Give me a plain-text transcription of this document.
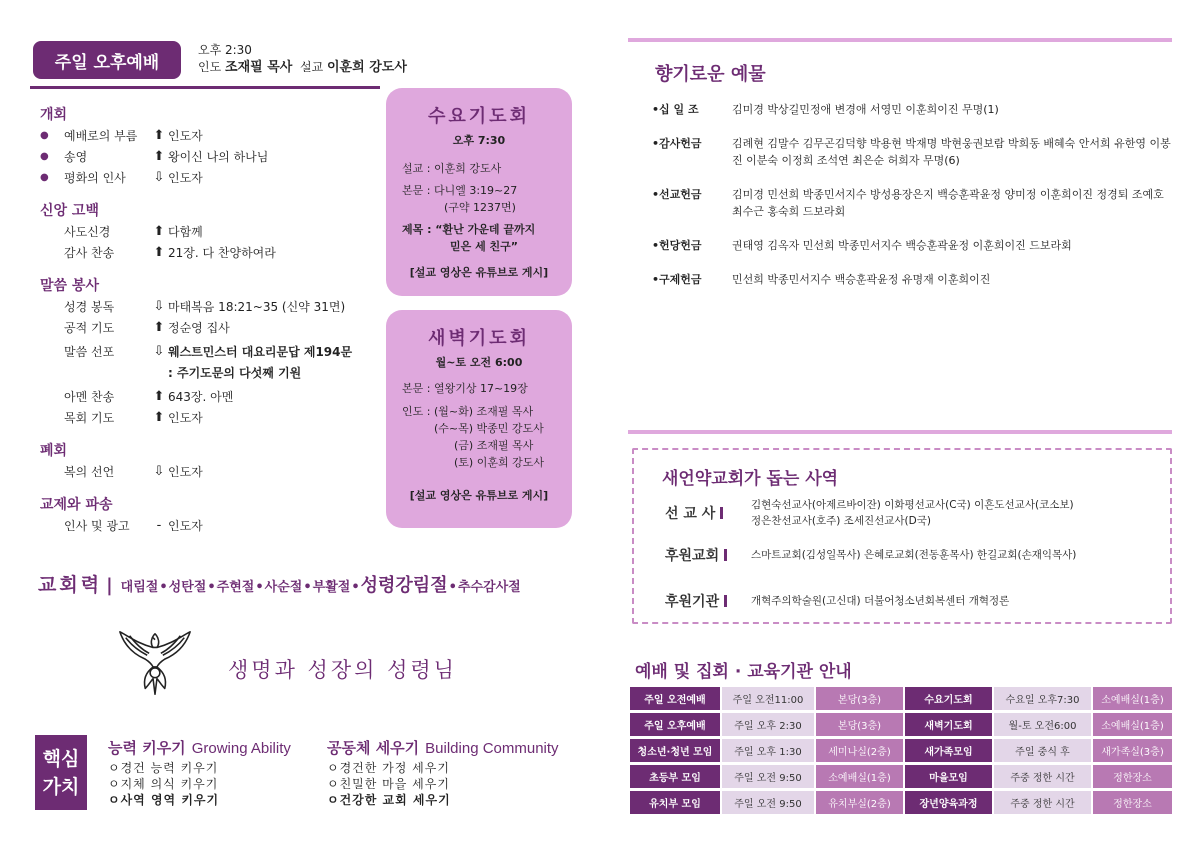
주일 오후예배
오후 2:30
인도 조재필 목사 설교 이훈희 강도사
개회
●	예배로의 부름	⬆ 인도자
●	송영	⬆ 왕이신 나의 하나님
●	평화의 인사	⇩ 인도자
신앙 고백
사도신경	⬆ 다함께
감사 찬송	⬆ 21장. 다 찬양하여라
말씀 봉사
성경 봉독	⇩ 마태복음 18:21~35 (신약 31면)
공적 기도	⬆ 정순영 집사
말씀 선포	⇩ 웨스트민스터 대요리문답 제194문
: 주기도문의 다섯째 기원
아멘 찬송	⬆ 643장. 아멘
목회 기도	⬆ 인도자
폐회
복의 선언	⇩ 인도자
교제와 파송
인사 및 광고	- 인도자
수요기도회
오후 7:30
설교 : 이훈희 강도사
본문 : 다니엘 3:19~27
(구약 1237면)
제목 : “환난 가운데 끝까지
믿은 세 친구”
[설교 영상은 유튜브로 게시]
새벽기도회
월~토 오전 6:00
본문 : 열왕기상 17~19장
인도 : (월~화) 조재필 목사
(수~목) 박종민 강도사
(금) 조재필 목사
(토) 이훈희 강도사
[설교 영상은 유튜브로 게시]
교회력 | 대림절 • 성탄절 • 주현절 • 사순절 • 부활절 • 성령강림절 • 추수감사절
생명과 성장의 성령님
핵심
가치
능력 키우기 Growing Ability
ㅇ경건 능력 키우기
ㅇ지체 의식 키우기
ㅇ사역 영역 키우기
공동체 세우기 Building Community
ㅇ경건한 가정 세우기
ㅇ친밀한 마을 세우기
ㅇ건강한 교회 세우기
향기로운 예물
•십 일 조	김미경 박상길민정애 변경애 서영민 이훈희이진 무명(1)
•감사헌금	김례현 김말수 김무곤김덕향 박용현 박재명 박현웅권보람 박희동 배혜숙 안서희 유한영 이봉진 이분숙 이정희 조석연 최은순 허희자 무명(6)
•선교헌금	김미경 민선희 박종민서지수 방성용장은지 백승훈곽윤정 양미정 이훈희이진 정경퇴 조예호 최수근 홍숙희 드보라회
•헌당헌금	권태영 김옥자 민선희 박종민서지수 백승훈곽윤정 이훈희이진 드보라회
•구제헌금	민선희 박종민서지수 백승훈곽윤정 유명재 이훈희이진
새언약교회가 돕는 사역
선 교 사
김현숙선교사(아제르바이잔) 이화평선교사(C국) 이흔도선교사(코소보)
정은찬선교사(호주) 조세진선교사(D국)
후원교회	스마트교회(김성일목사) 은혜로교회(전동훈목사) 한길교회(손재익목사)
후원기관	개혁주의학술원(고신대) 더불어청소년회복센터 개혁정론
예배 및 집회 · 교육기관 안내
주일 오전예배	주일 오전11:00	본당(3층)	수요기도회	수요일 오후7:30	소예배실(1층)
주일 오후예배	주일 오후 2:30	본당(3층)	새벽기도회	월-토 오전6:00	소예배실(1층)
청소년·청년 모임	주일 오후 1:30	세미나실(2층)	새가족모임	주일 중식 후	새가족실(3층)
초등부 모임	주일 오전 9:50	소예배실(1층)	마을모임	주중 정한 시간	정한장소
유치부 모임	주일 오전 9:50	유치부실(2층)	장년양육과정	주중 정한 시간	정한장소
